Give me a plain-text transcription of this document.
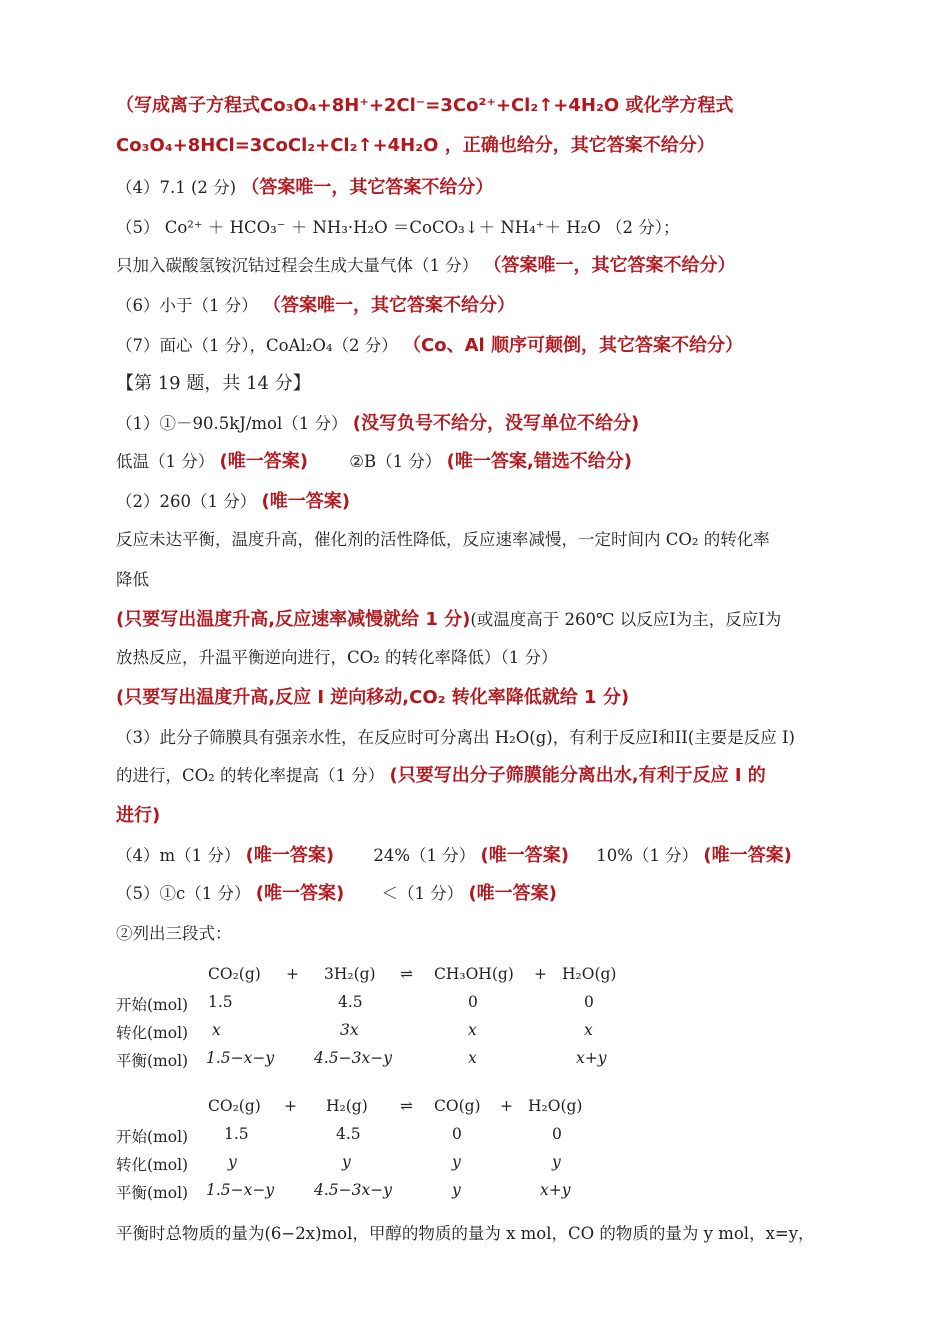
（写成离子方程式Co₃O₄+8H⁺+2Cl⁻=3Co²⁺+Cl₂↑+4H₂O 或化学方程式
Co₃O₄+8HCl=3CoCl₂+Cl₂↑+4H₂O ，正确也给分，其它答案不给分）
（4）7.1 (2 分) （答案唯一，其它答案不给分）
（5） Co²⁺ ＋ HCO₃⁻ ＋ NH₃·H₂O ＝CoCO₃↓＋ NH₄⁺＋ H₂O （2 分）；
只加入碳酸氢铵沉钴过程会生成大量气体（1 分） （答案唯一，其它答案不给分）
（6）小于（1 分） （答案唯一，其它答案不给分）
（7）面心（1 分），CoAl₂O₄（2 分） （Co、Al 顺序可颠倒，其它答案不给分）
【第 19 题，共 14 分】
（1）①－90.5kJ/mol（1 分） (没写负号不给分，没写单位不给分)
低温（1 分） (唯一答案)	②B（1 分） (唯一答案,错选不给分)
（2）260（1 分） (唯一答案)
反应未达平衡，温度升高，催化剂的活性降低，反应速率减慢，一定时间内 CO₂ 的转化率
降低
(只要写出温度升高,反应速率减慢就给 1 分)(或温度高于 260℃ 以反应I为主，反应I为
放热反应，升温平衡逆向进行，CO₂ 的转化率降低）（1 分）
(只要写出温度升高,反应 I 逆向移动,CO₂ 转化率降低就给 1 分)
（3）此分子筛膜具有强亲水性，在反应时可分离出 H₂O(g)，有利于反应I和II(主要是反应 I)
的进行，CO₂ 的转化率提高（1 分） (只要写出分子筛膜能分离出水,有利于反应 I 的
进行)
（4）m（1 分） (唯一答案) 24%（1 分） (唯一答案) 10%（1 分） (唯一答案)
（5）①c（1 分） (唯一答案) ＜（1 分） (唯一答案)
②列出三段式：
CO₂(g) + 3H₂(g) ⇌ CH₃OH(g) + H₂O(g)
开始(mol) 1.5	4.5	0	0
转化(mol) x	3x	x	x
平衡(mol) 1.5−x−y	4.5−3x−y	x	x+y
CO₂(g) + H₂(g) ⇌ CO(g) + H₂O(g)
开始(mol) 1.5	4.5	0	0
转化(mol)	y	y	y	y
平衡(mol) 1.5−x−y	4.5−3x−y	y	x+y
平衡时总物质的量为(6−2x)mol，甲醇的物质的量为 x mol，CO 的物质的量为 y mol，x=y，
